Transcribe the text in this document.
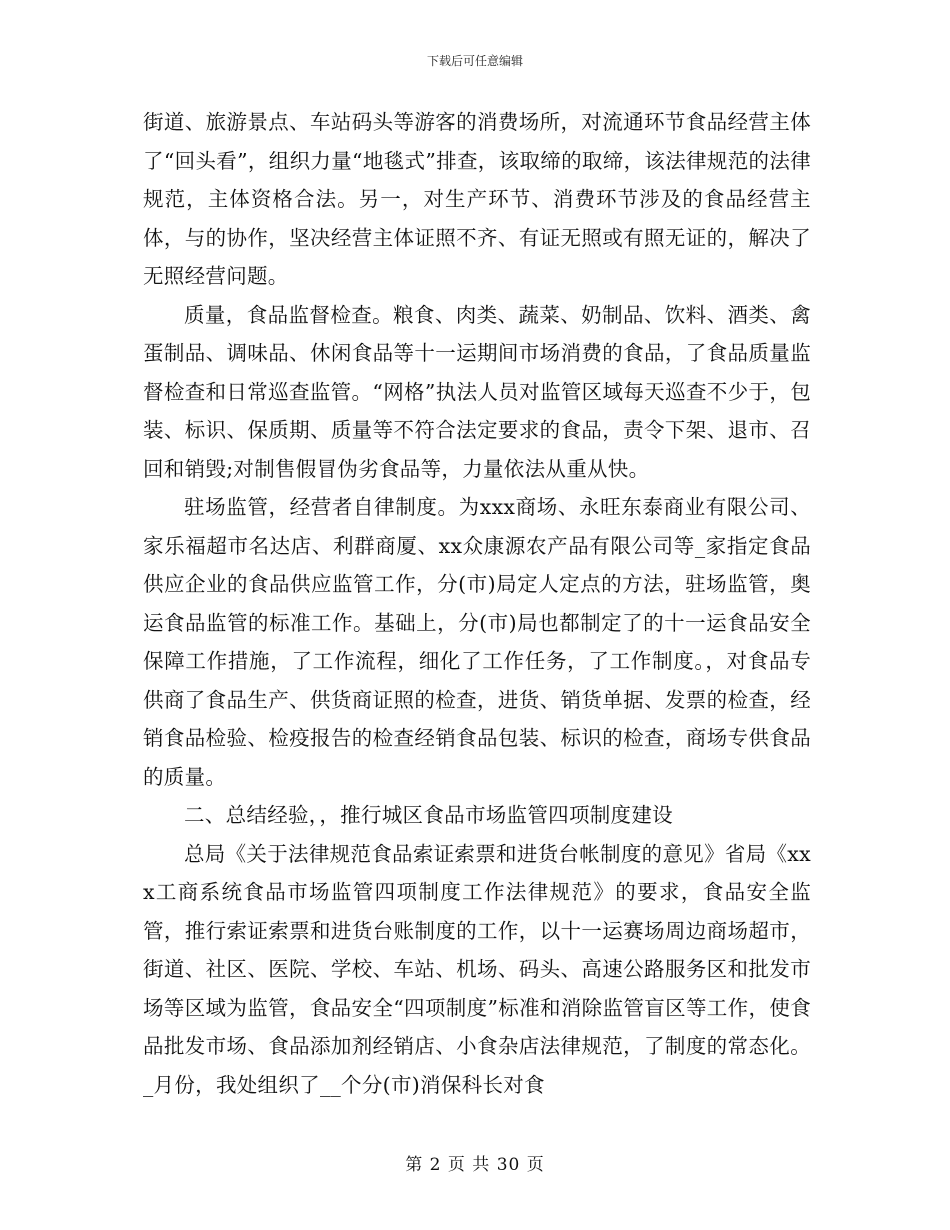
下载后可任意编辑

街道、旅游景点、车站码头等游客的消费场所，对流通环节食品经营主体了“回头看”，组织力量“地毯式”排查，该取缔的取缔，该法律规范的法律规范，主体资格合法。另一，对生产环节、消费环节涉及的食品经营主体，与的协作，坚决经营主体证照不齐、有证无照或有照无证的，解决了无照经营问题。

质量，食品监督检查。粮食、肉类、蔬菜、奶制品、饮料、酒类、禽蛋制品、调味品、休闲食品等十一运期间市场消费的食品，了食品质量监督检查和日常巡查监管。“网格”执法人员对监管区域每天巡查不少于，包装、标识、保质期、质量等不符合法定要求的食品，责令下架、退市、召回和销毁;对制售假冒伪劣食品等，力量依法从重从快。

驻场监管，经营者自律制度。为xxx商场、永旺东泰商业有限公司、家乐福超市名达店、利群商厦、xx众康源农产品有限公司等_家指定食品供应企业的食品供应监管工作，分(市)局定人定点的方法，驻场监管，奥运食品监管的标准工作。基础上，分(市)局也都制定了的十一运食品安全保障工作措施，了工作流程，细化了工作任务，了工作制度。，对食品专供商了食品生产、供货商证照的检查，进货、销货单据、发票的检查，经销食品检验、检疫报告的检查经销食品包装、标识的检查，商场专供食品的质量。

二、总结经验，，推行城区食品市场监管四项制度建设

总局《关于法律规范食品索证索票和进货台帐制度的意见》省局《xxx工商系统食品市场监管四项制度工作法律规范》的要求，食品安全监管，推行索证索票和进货台账制度的工作，以十一运赛场周边商场超市，街道、社区、医院、学校、车站、机场、码头、高速公路服务区和批发市场等区域为监管，食品安全“四项制度”标准和消除监管盲区等工作，使食品批发市场、食品添加剂经销店、小食杂店法律规范，了制度的常态化。_月份，我处组织了__个分(市)消保科长对食

第 2 页 共 30 页
